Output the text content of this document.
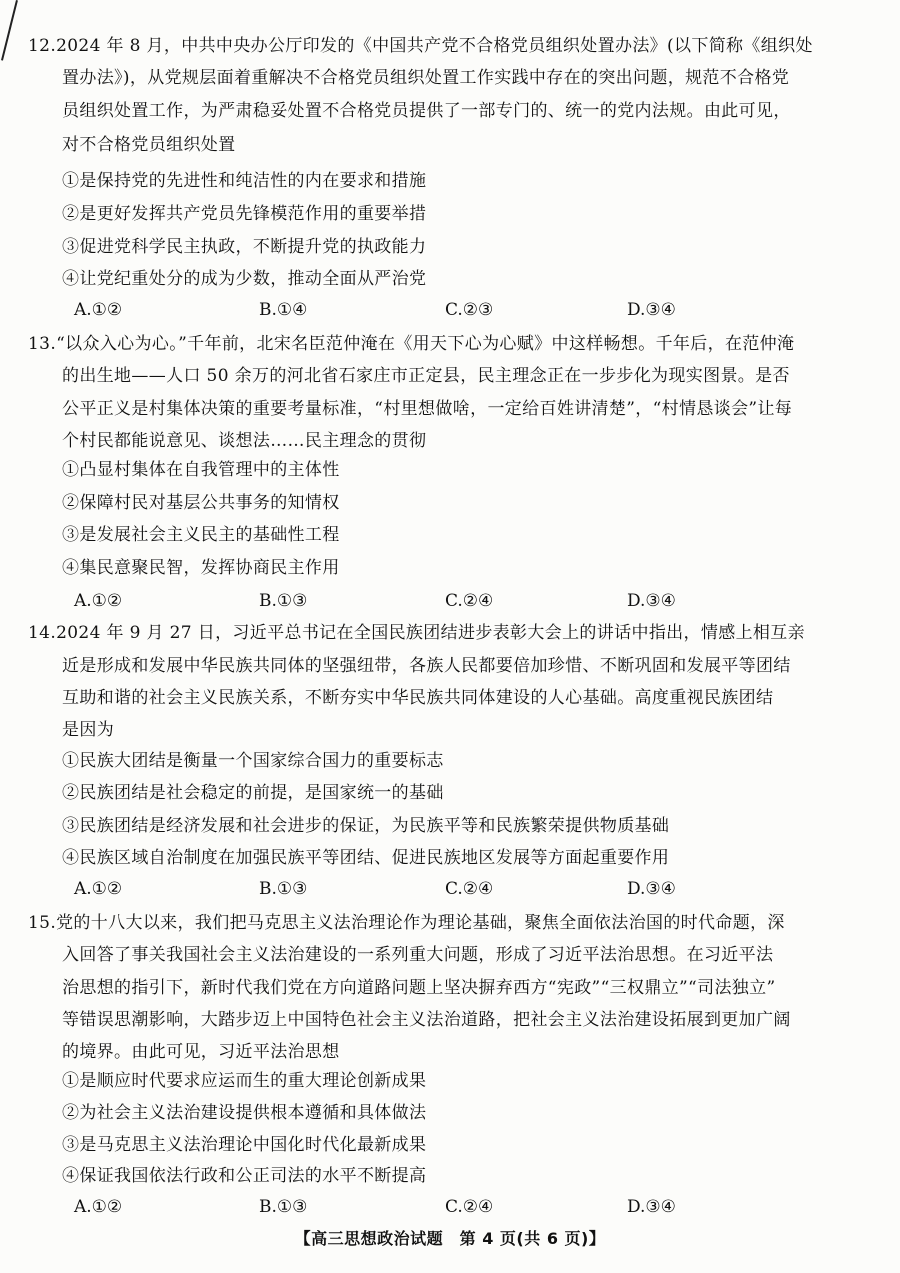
12.2024 年 8 月，中共中央办公厅印发的《中国共产党不合格党员组织处置办法》(以下简称《组织处
置办法》)，从党规层面着重解决不合格党员组织处置工作实践中存在的突出问题，规范不合格党
员组织处置工作，为严肃稳妥处置不合格党员提供了一部专门的、统一的党内法规。由此可见，
对不合格党员组织处置
①是保持党的先进性和纯洁性的内在要求和措施
②是更好发挥共产党员先锋模范作用的重要举措
③促进党科学民主执政，不断提升党的执政能力
④让党纪重处分的成为少数，推动全面从严治党
A.①②	B.①④	C.②③	D.③④
13.“以众入心为心。”千年前，北宋名臣范仲淹在《用天下心为心赋》中这样畅想。千年后，在范仲淹
的出生地——人口 50 余万的河北省石家庄市正定县，民主理念正在一步步化为现实图景。是否
公平正义是村集体决策的重要考量标准，“村里想做啥，一定给百姓讲清楚”，“村情恳谈会”让每
个村民都能说意见、谈想法……民主理念的贯彻
①凸显村集体在自我管理中的主体性
②保障村民对基层公共事务的知情权
③是发展社会主义民主的基础性工程
④集民意聚民智，发挥协商民主作用
A.①②	B.①③	C.②④	D.③④
14.2024 年 9 月 27 日，习近平总书记在全国民族团结进步表彰大会上的讲话中指出，情感上相互亲
近是形成和发展中华民族共同体的坚强纽带，各族人民都要倍加珍惜、不断巩固和发展平等团结
互助和谐的社会主义民族关系，不断夯实中华民族共同体建设的人心基础。高度重视民族团结
是因为
①民族大团结是衡量一个国家综合国力的重要标志
②民族团结是社会稳定的前提，是国家统一的基础
③民族团结是经济发展和社会进步的保证，为民族平等和民族繁荣提供物质基础
④民族区域自治制度在加强民族平等团结、促进民族地区发展等方面起重要作用
A.①②	B.①③	C.②④	D.③④
15.党的十八大以来，我们把马克思主义法治理论作为理论基础，聚焦全面依法治国的时代命题，深
入回答了事关我国社会主义法治建设的一系列重大问题，形成了习近平法治思想。在习近平法
治思想的指引下，新时代我们党在方向道路问题上坚决摒弃西方“宪政”“三权鼎立”“司法独立”
等错误思潮影响，大踏步迈上中国特色社会主义法治道路，把社会主义法治建设拓展到更加广阔
的境界。由此可见，习近平法治思想
①是顺应时代要求应运而生的重大理论创新成果
②为社会主义法治建设提供根本遵循和具体做法
③是马克思主义法治理论中国化时代化最新成果
④保证我国依法行政和公正司法的水平不断提高
A.①②	B.①③	C.②④	D.③④
【高三思想政治试题　第 4 页(共 6 页)】
